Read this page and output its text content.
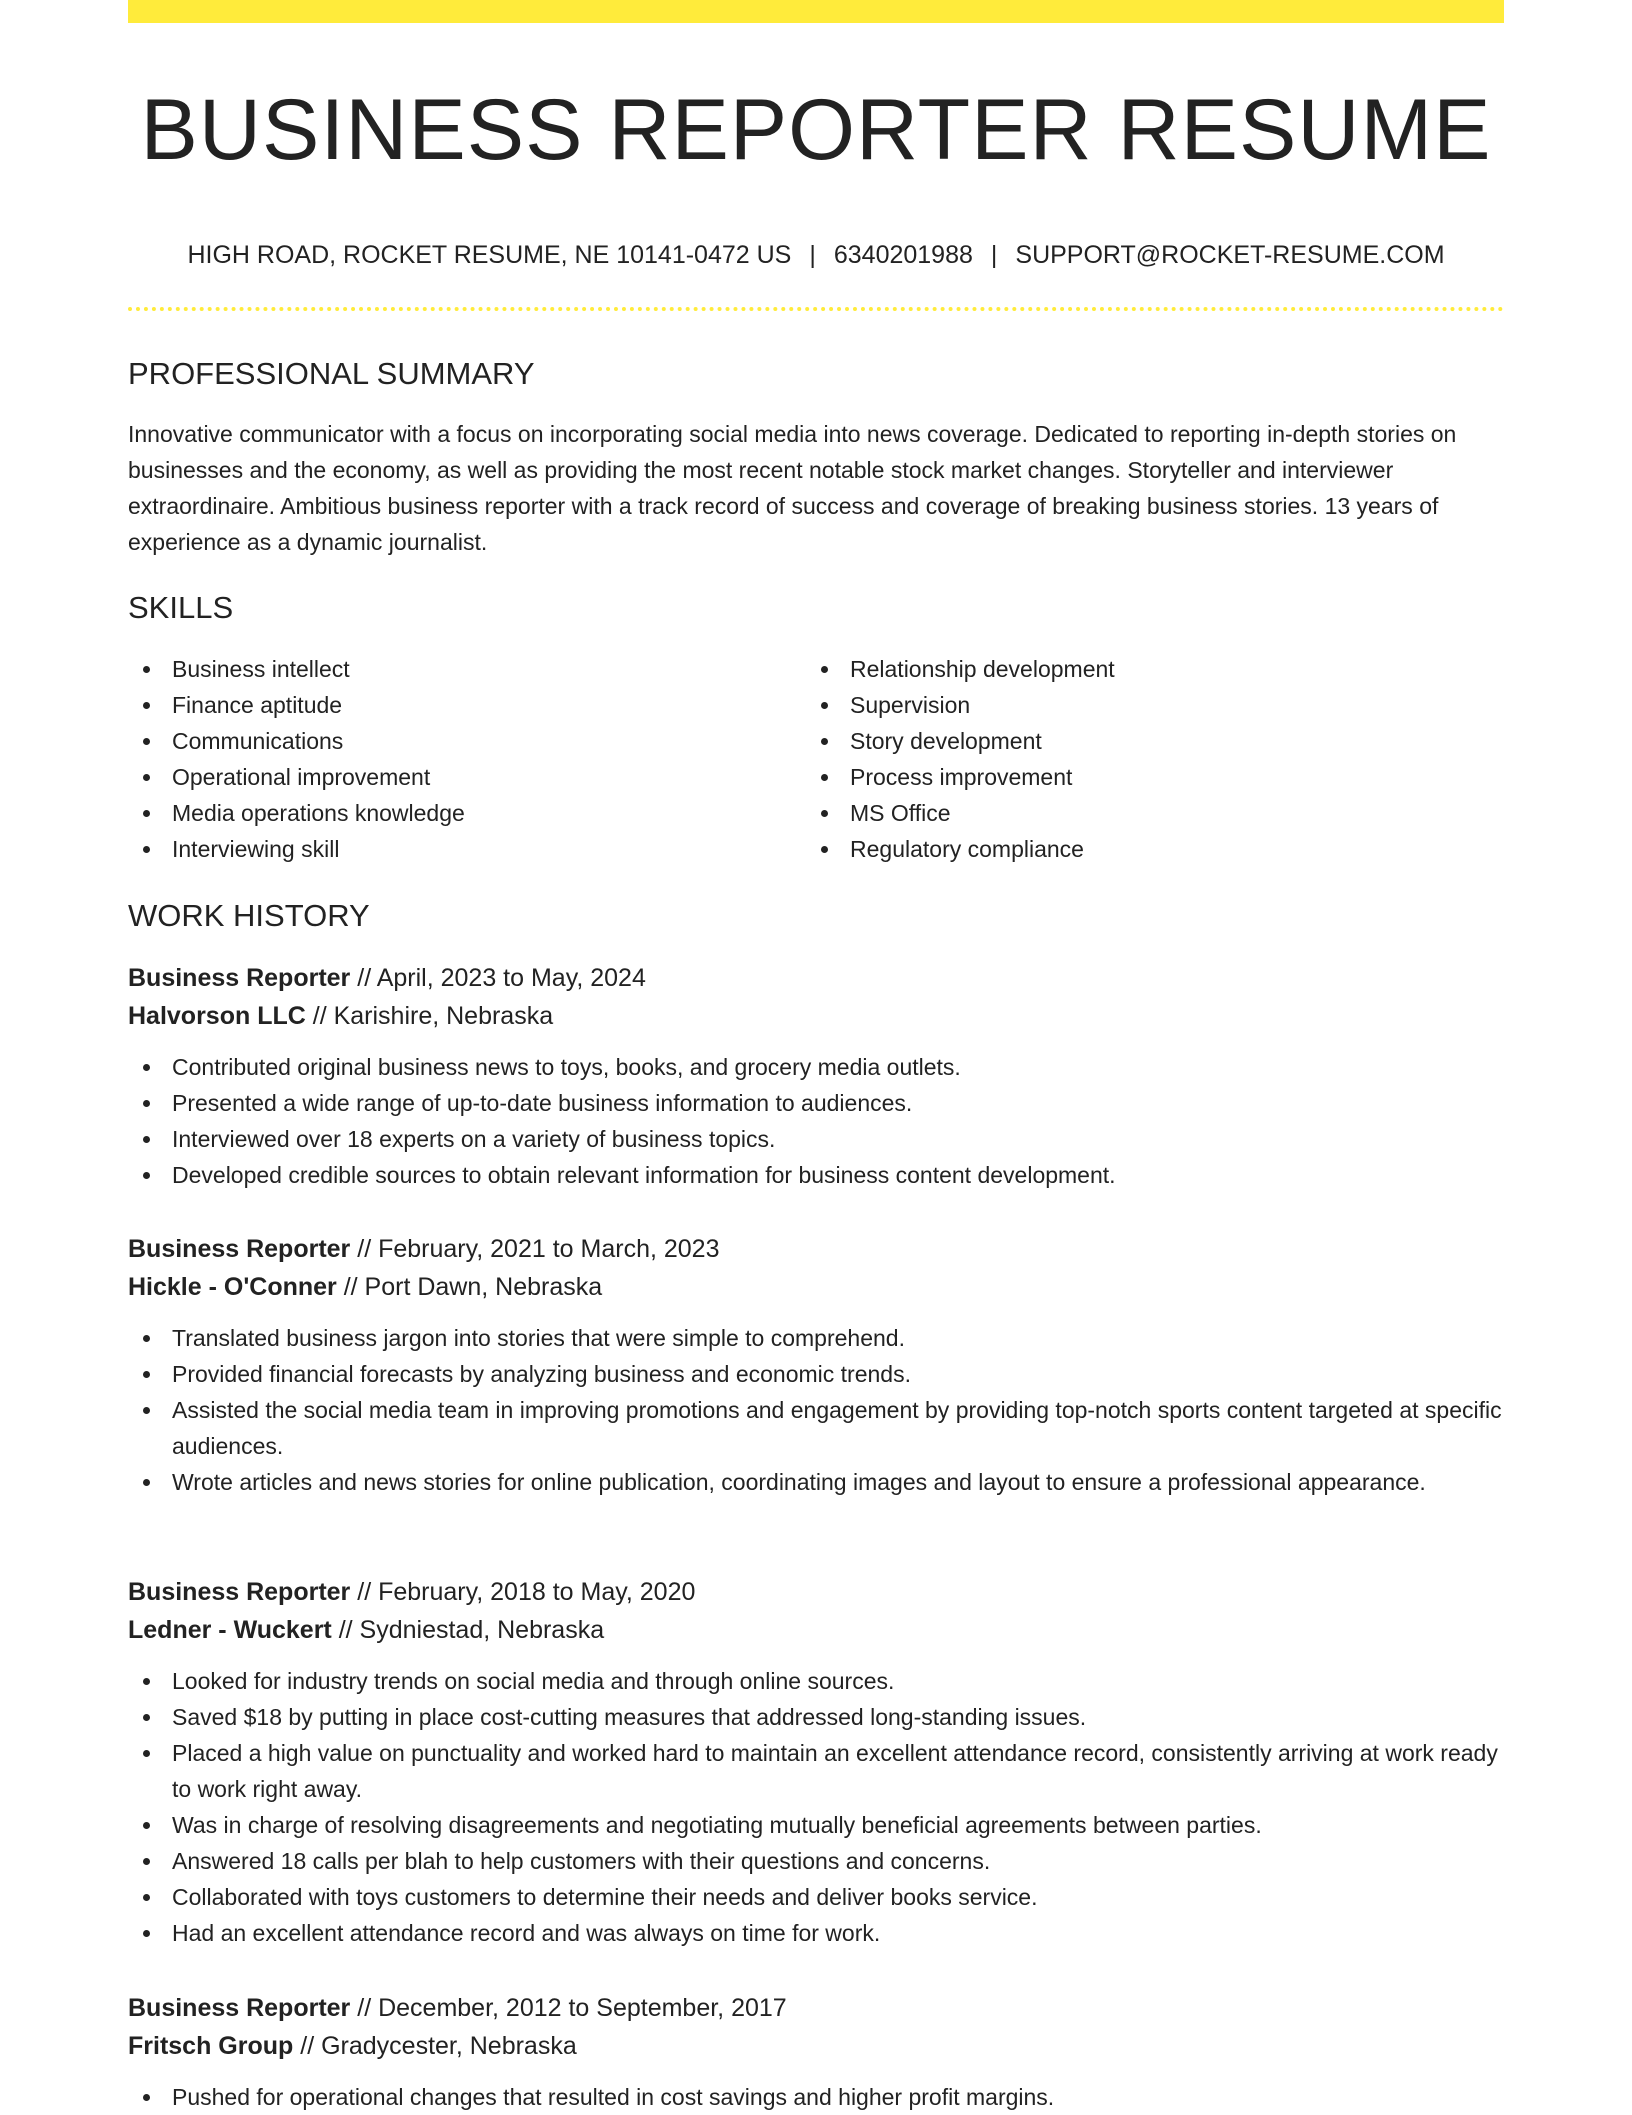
BUSINESS REPORTER RESUME
HIGH ROAD, ROCKET RESUME, NE 10141-0472 US | 6340201988 | SUPPORT@ROCKET-RESUME.COM
PROFESSIONAL SUMMARY

Innovative communicator with a focus on incorporating social media into news coverage. Dedicated to reporting in-depth stories on businesses and the economy, as well as providing the most recent notable stock market changes. Storyteller and interviewer extraordinaire. Ambitious business reporter with a track record of success and coverage of breaking business stories. 13 years of experience as a dynamic journalist.

SKILLS
Business intellect
Finance aptitude
Communications
Operational improvement
Media operations knowledge
Interviewing skill
Relationship development
Supervision
Story development
Process improvement
MS Office
Regulatory compliance
WORK HISTORY
Business Reporter // April, 2023 to May, 2024
Halvorson LLC // Karishire, Nebraska
Contributed original business news to toys, books, and grocery media outlets.
Presented a wide range of up-to-date business information to audiences.
Interviewed over 18 experts on a variety of business topics.
Developed credible sources to obtain relevant information for business content development.
Business Reporter // February, 2021 to March, 2023
Hickle - O'Conner // Port Dawn, Nebraska
Translated business jargon into stories that were simple to comprehend.
Provided financial forecasts by analyzing business and economic trends.
Assisted the social media team in improving promotions and engagement by providing top-notch sports content targeted at specific audiences.
Wrote articles and news stories for online publication, coordinating images and layout to ensure a professional appearance.
Business Reporter // February, 2018 to May, 2020
Ledner - Wuckert // Sydniestad, Nebraska
Looked for industry trends on social media and through online sources.
Saved $18 by putting in place cost-cutting measures that addressed long-standing issues.
Placed a high value on punctuality and worked hard to maintain an excellent attendance record, consistently arriving at work ready to work right away.
Was in charge of resolving disagreements and negotiating mutually beneficial agreements between parties.
Answered 18 calls per blah to help customers with their questions and concerns.
Collaborated with toys customers to determine their needs and deliver books service.
Had an excellent attendance record and was always on time for work.
Business Reporter // December, 2012 to September, 2017
Fritsch Group // Gradycester, Nebraska
Pushed for operational changes that resulted in cost savings and higher profit margins.
